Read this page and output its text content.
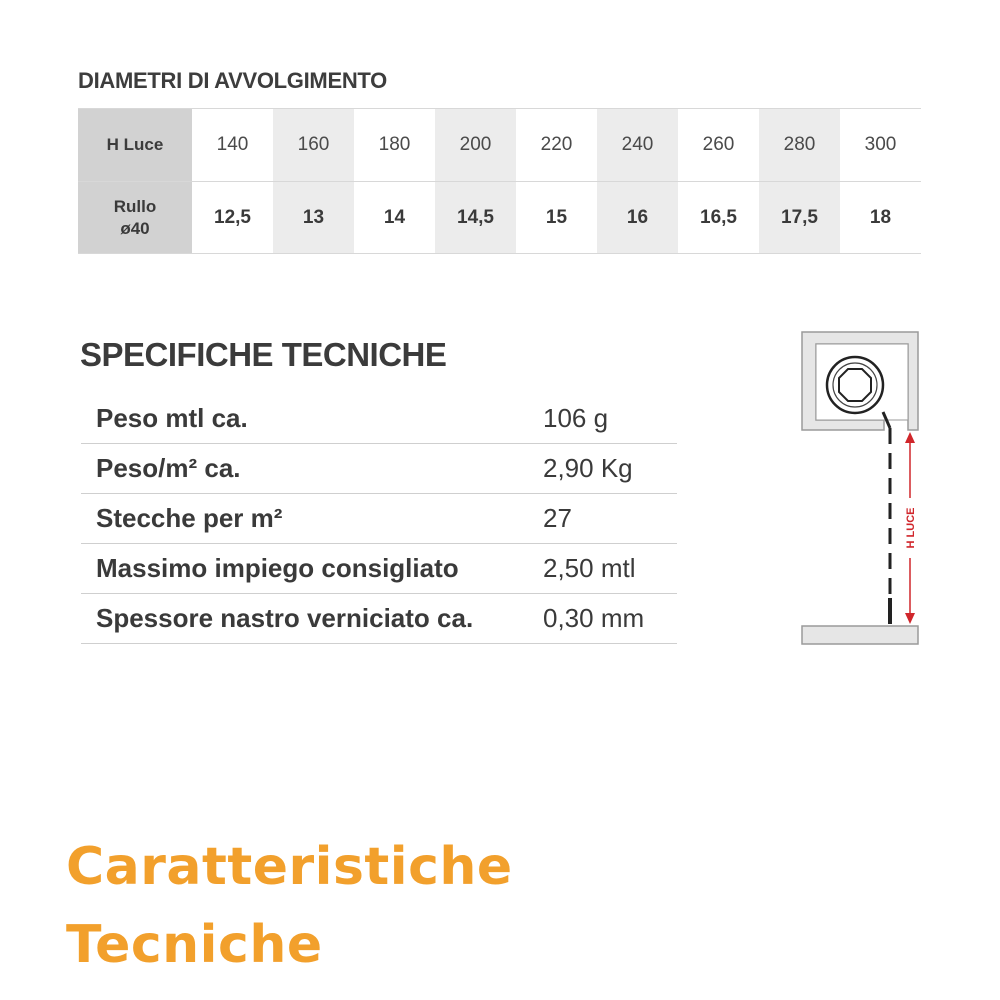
DIAMETRI DI AVVOLGIMENTO
H Luce	140	160	180	200	220	240	260	280	300
Rullo
ø40	12,5	13	14	14,5	15	16	16,5	17,5	18
SPECIFICHE TECNICHE
Peso mtl ca.	106 g
Peso/m² ca.	2,90 Kg
Stecche per m²	27
Massimo impiego consigliato	2,50 mtl
Spessore nastro verniciato ca.	0,30 mm
H LUCE
Caratteristiche
Tecniche
